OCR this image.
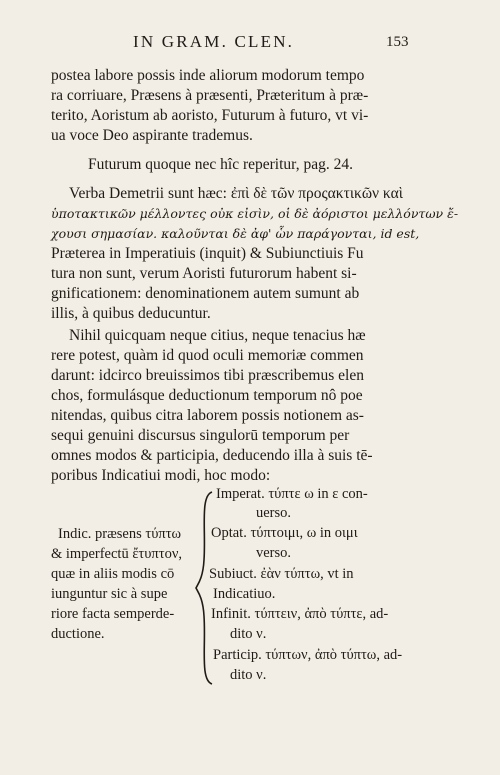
IN GRAM. CLEN.	153
postea labore possis inde aliorum modorum tempo
ra corriuare, Præsens à præsenti, Præteritum à præ-
terito, Aoristum ab aoristo, Futurum à futuro, vt vi-
ua voce Deo aspirante trademus.
Futurum quoque nec hîc reperitur, pag. 24.
Verba Demetrii sunt hæc: ἐπὶ δὲ τῶν προςακτικῶν καὶ
ὑποτακτικῶν μέλλοντες οὐκ εἰσὶν, οἱ δὲ ἀόριστοι μελλόντων ἔ-
χουσι σημασίαν. καλοῦνται δὲ ἀφ' ὧν παράγονται, id est,
Præterea in Imperatiuis (inquit) & Subiunctiuis Fu
tura non sunt, verum Aoristi futurorum habent si-
gnificationem: denominationem autem sumunt ab
illis, à quibus deducuntur.
Nihil quicquam neque citius, neque tenacius hæ
rere potest, quàm id quod oculi memoriæ commen
darunt: idcirco breuissimos tibi præscribemus elen
chos, formulásque deductionum temporum nô poe
nitendas, quibus citra laborem possis notionem as-
sequi genuini discursus singulorū temporum per
omnes modos & participia, deducendo illa à suis tē-
poribus Indicatiui modi, hoc modo:
Indic. præsens τύπτω
& imperfectū ἔτυπτον,
quæ in aliis modis cō
iunguntur sic à supe
riore facta semperde-
ductione.
Imperat. τύπτε ω in ε con-
uerso.
Optat. τύπτοιμι, ω in οιμι
verso.
Subiuct. ἐὰν τύπτω, vt in
Indicatiuo.
Infinit. τύπτειν, ἀπὸ τύπτε, ad-
dito ν.
Particip. τύπτων, ἀπὸ τύπτω, ad-
dito ν.
